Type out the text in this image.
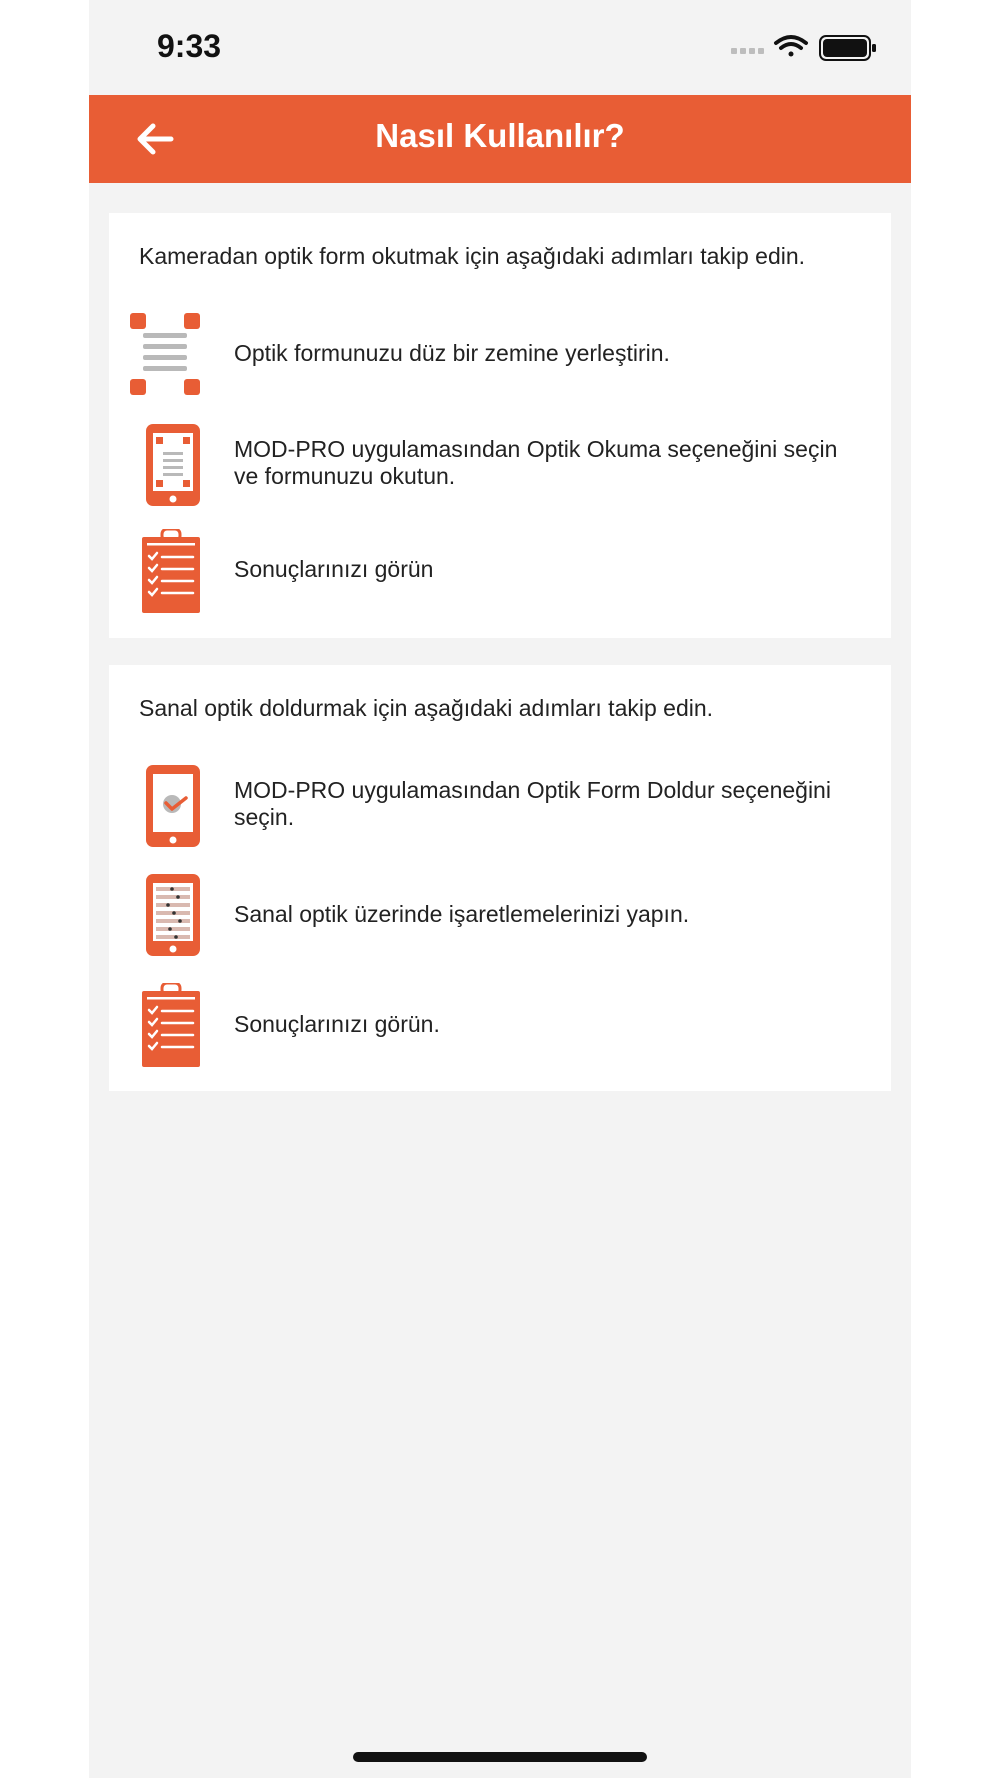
9:33
Nasıl Kullanılır?
Kameradan optik form okutmak için aşağıdaki adımları takip edin.
Optik formunuzu düz bir zemine yerleştirin.
MOD-PRO uygulamasından Optik Okuma seçeneğini seçin ve formunuzu okutun.
Sonuçlarınızı görün
Sanal optik doldurmak için aşağıdaki adımları takip edin.
MOD-PRO uygulamasından Optik Form Doldur seçeneğini seçin.
Sanal optik üzerinde işaretlemelerinizi yapın.
Sonuçlarınızı görün.
